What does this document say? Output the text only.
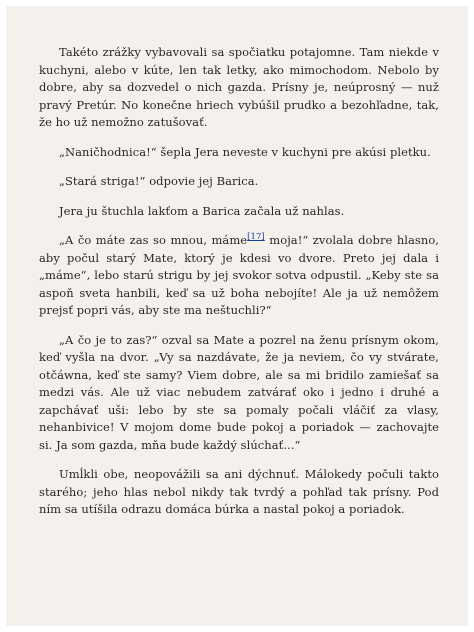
Takéto zrážky vybavovali sa spočiatku potajomne. Tam niekde v kuchyni, alebo v kúte, len tak letky, ako mimochodom. Nebolo by dobre, aby sa dozvedel o nich gazda. Prísny je, neúprosný — nuž pravý Pretúr. No konečne hriech vybúšil prudko a bezohľadne, tak, že ho už nemožno zatušovať.

„Naničhodnica!“ šepla Jera neveste v kuchyni pre akúsi pletku.

„Stará striga!“ odpovie jej Barica.

Jera ju štuchla lakťom a Barica začala už nahlas.

„A čo máte zas so mnou, máme[17] moja!“ zvolala dobre hlasno, aby počul starý Mate, ktorý je kdesi vo dvore. Preto jej dala i „máme“, lebo starú strigu by jej svokor sotva odpustil. „Keby ste sa aspoň sveta hanbili, keď sa už boha nebojíte! Ale ja už nemôžem prejsť popri vás, aby ste ma neštuchli?“

„A čo je to zas?“ ozval sa Mate a pozrel na ženu prísnym okom, keď vyšla na dvor. „Vy sa nazdávate, že ja neviem, čo vy stvárate, otčáwna, keď ste samy? Viem dobre, ale sa mi bridilo zamiešať sa medzi vás. Ale už viac nebudem zatvárať oko i jedno i druhé a zapchávať uši: lebo by ste sa pomaly počali vláčiť za vlasy, nehanbivice! V mojom dome bude pokoj a poriadok — zachovajte si. Ja som gazda, mňa bude každý slúchať...“

Umĺkli obe, neopovážili sa ani dýchnuť. Málokedy počuli takto starého; jeho hlas nebol nikdy tak tvrdý a pohľad tak prísny. Pod ním sa utíšila odrazu domáca búrka a nastal pokoj a poriadok.
